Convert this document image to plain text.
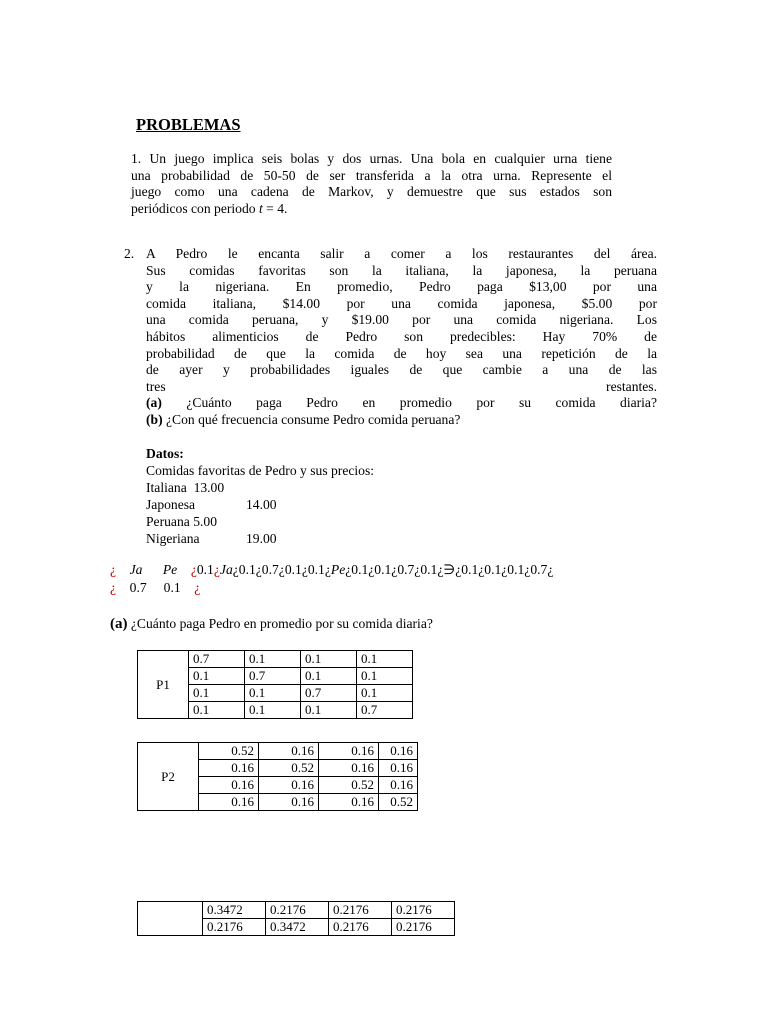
PROBLEMAS
1. Un juego implica seis bolas y dos urnas. Una bola en cualquier urna tiene
una probabilidad de 50-50 de ser transferida a la otra urna. Represente el
juego como una cadena de Markov, y demuestre que sus estados son
periódicos con periodo t = 4.
2. A Pedro le encanta salir a comer a los restaurantes del área.
Sus comidas favoritas son la italiana, la japonesa, la peruana
y la nigeriana. En promedio, Pedro paga $13,00 por una
comida italiana, $14.00 por una comida japonesa, $5.00 por
una comida peruana, y $19.00 por una comida nigeriana. Los
hábitos alimenticios de Pedro son predecibles: Hay 70% de
probabilidad de que la comida de hoy sea una repetición de la
de ayer y probabilidades iguales de que cambie a una de las
tres restantes.
(a) ¿Cuánto paga Pedro en promedio por su comida diaria?
(b) ¿Con qué frecuencia consume Pedro comida peruana?
Datos:
Comidas favoritas de Pedro y sus precios:
Italiana 13.00
Japonesa	14.00
Peruana 5.00
Nigeriana	19.00
¿ Ja Pe ¿0.1¿Ja¿0.1¿0.7¿0.1¿0.1¿Pe¿0.1¿0.1¿0.7¿0.1¿∋¿0.1¿0.1¿0.1¿0.7¿
¿ 0.7 0.1 ¿
(a) ¿Cuánto paga Pedro en promedio por su comida diaria?
P1	0.7	0.1	0.1	0.1
	0.1	0.7	0.1	0.1
	0.1	0.1	0.7	0.1
	0.1	0.1	0.1	0.7
P2	0.52	0.16	0.16	0.16
	0.16	0.52	0.16	0.16
	0.16	0.16	0.52	0.16
	0.16	0.16	0.16	0.52
	0.3472	0.2176	0.2176	0.2176
	0.2176	0.3472	0.2176	0.2176
